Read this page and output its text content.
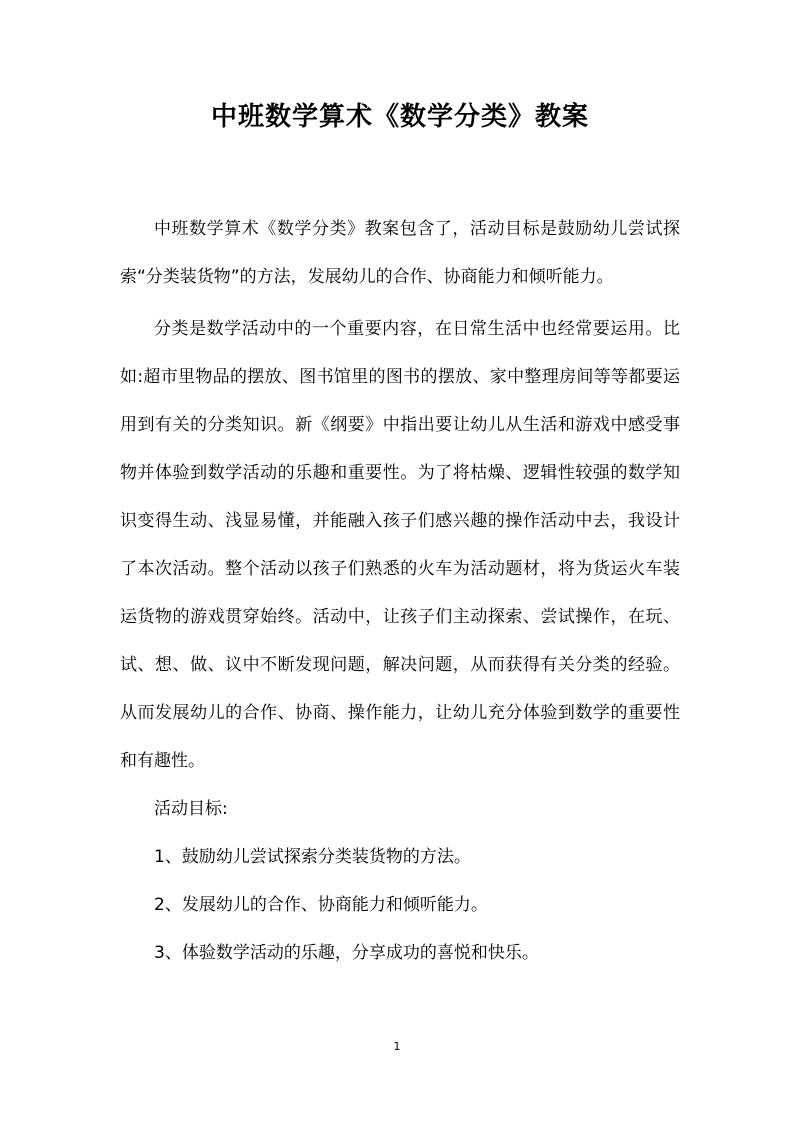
中班数学算术《数学分类》教案

中班数学算术《数学分类》教案包含了，活动目标是鼓励幼儿尝试探索“分类装货物”的方法，发展幼儿的合作、协商能力和倾听能力。

分类是数学活动中的一个重要内容，在日常生活中也经常要运用。比如:超市里物品的摆放、图书馆里的图书的摆放、家中整理房间等等都要运用到有关的分类知识。新《纲要》中指出要让幼儿从生活和游戏中感受事物并体验到数学活动的乐趣和重要性。为了将枯燥、逻辑性较强的数学知识变得生动、浅显易懂，并能融入孩子们感兴趣的操作活动中去，我设计了本次活动。整个活动以孩子们熟悉的火车为活动题材，将为货运火车装运货物的游戏贯穿始终。活动中，让孩子们主动探索、尝试操作，在玩、试、想、做、议中不断发现问题，解决问题，从而获得有关分类的经验。从而发展幼儿的合作、协商、操作能力，让幼儿充分体验到数学的重要性和有趣性。

活动目标:

1、鼓励幼儿尝试探索分类装货物的方法。

2、发展幼儿的合作、协商能力和倾听能力。

3、体验数学活动的乐趣，分享成功的喜悦和快乐。

1
